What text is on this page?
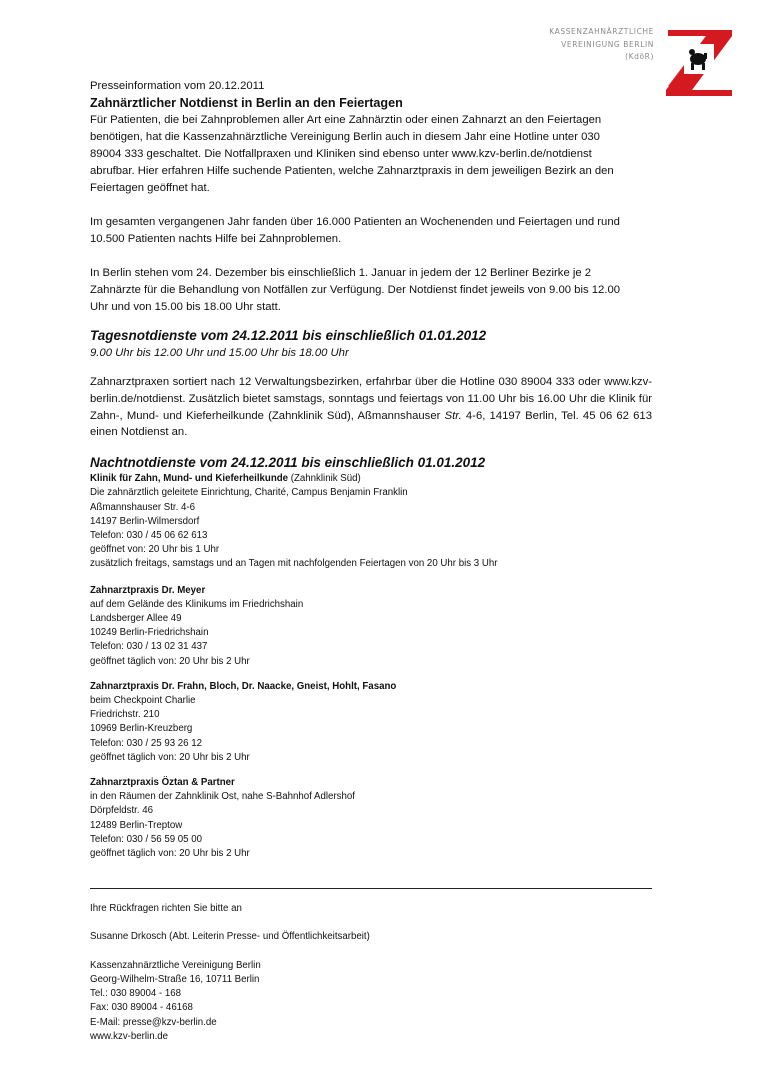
KASSENZAHNÄRZTLICHE
VEREINIGUNG BERLIN
(KdöR)
Presseinformation vom 20.12.2011
Zahnärztlicher Notdienst in Berlin an den Feiertagen
Für Patienten, die bei Zahnproblemen aller Art eine Zahnärztin oder einen Zahnarzt an den Feiertagen
benötigen, hat die Kassenzahnärztliche Vereinigung Berlin auch in diesem Jahr eine Hotline unter 030
89004 333 geschaltet. Die Notfallpraxen und Kliniken sind ebenso unter www.kzv-berlin.de/notdienst
abrufbar. Hier erfahren Hilfe suchende Patienten, welche Zahnarztpraxis in dem jeweiligen Bezirk an den
Feiertagen geöffnet hat.
Im gesamten vergangenen Jahr fanden über 16.000 Patienten an Wochenenden und Feiertagen und rund
10.500 Patienten nachts Hilfe bei Zahnproblemen.
In Berlin stehen vom 24. Dezember bis einschließlich 1. Januar in jedem der 12 Berliner Bezirke je 2
Zahnärzte für die Behandlung von Notfällen zur Verfügung. Der Notdienst findet jeweils von 9.00 bis 12.00
Uhr und von 15.00 bis 18.00 Uhr statt.
Tagesnotdienste vom 24.12.2011 bis einschließlich 01.01.2012
9.00 Uhr bis 12.00 Uhr und 15.00 Uhr bis 18.00 Uhr
Zahnarztpraxen sortiert nach 12 Verwaltungsbezirken, erfahrbar über die Hotline 030 89004 333 oder www.kzv-berlin.de/notdienst. Zusätzlich bietet samstags, sonntags und feiertags von 11.00 Uhr bis 16.00 Uhr die Klinik für Zahn-, Mund- und Kieferheilkunde (Zahnklinik Süd), Aßmannshauser Str. 4-6, 14197 Berlin, Tel. 45 06 62 613 einen Notdienst an.
Nachtnotdienste vom 24.12.2011 bis einschließlich 01.01.2012
Klinik für Zahn, Mund- und Kieferheilkunde (Zahnklinik Süd)
Die zahnärztlich geleitete Einrichtung, Charité, Campus Benjamin Franklin
Aßmannshauser Str. 4-6
14197 Berlin-Wilmersdorf
Telefon: 030 / 45 06 62 613
geöffnet von: 20 Uhr bis 1 Uhr
zusätzlich freitags, samstags und an Tagen mit nachfolgenden Feiertagen von 20 Uhr bis 3 Uhr
Zahnarztpraxis Dr. Meyer
auf dem Gelände des Klinikums im Friedrichshain
Landsberger Allee 49
10249 Berlin-Friedrichshain
Telefon: 030 / 13 02 31 437
geöffnet täglich von: 20 Uhr bis 2 Uhr
Zahnarztpraxis Dr. Frahn, Bloch, Dr. Naacke, Gneist, Hohlt, Fasano
beim Checkpoint Charlie
Friedrichstr. 210
10969 Berlin-Kreuzberg
Telefon: 030 / 25 93 26 12
geöffnet täglich von: 20 Uhr bis 2 Uhr
Zahnarztpraxis Öztan & Partner
in den Räumen der Zahnklinik Ost, nahe S-Bahnhof Adlershof
Dörpfeldstr. 46
12489 Berlin-Treptow
Telefon: 030 / 56 59 05 00
geöffnet täglich von: 20 Uhr bis 2 Uhr
Ihre Rückfragen richten Sie bitte an
Susanne Drkosch (Abt. Leiterin Presse- und Öffentlichkeitsarbeit)
Kassenzahnärztliche Vereinigung Berlin
Georg-Wilhelm-Straße 16, 10711 Berlin
Tel.: 030 89004 - 168
Fax: 030 89004 - 46168
E-Mail: presse@kzv-berlin.de
www.kzv-berlin.de
